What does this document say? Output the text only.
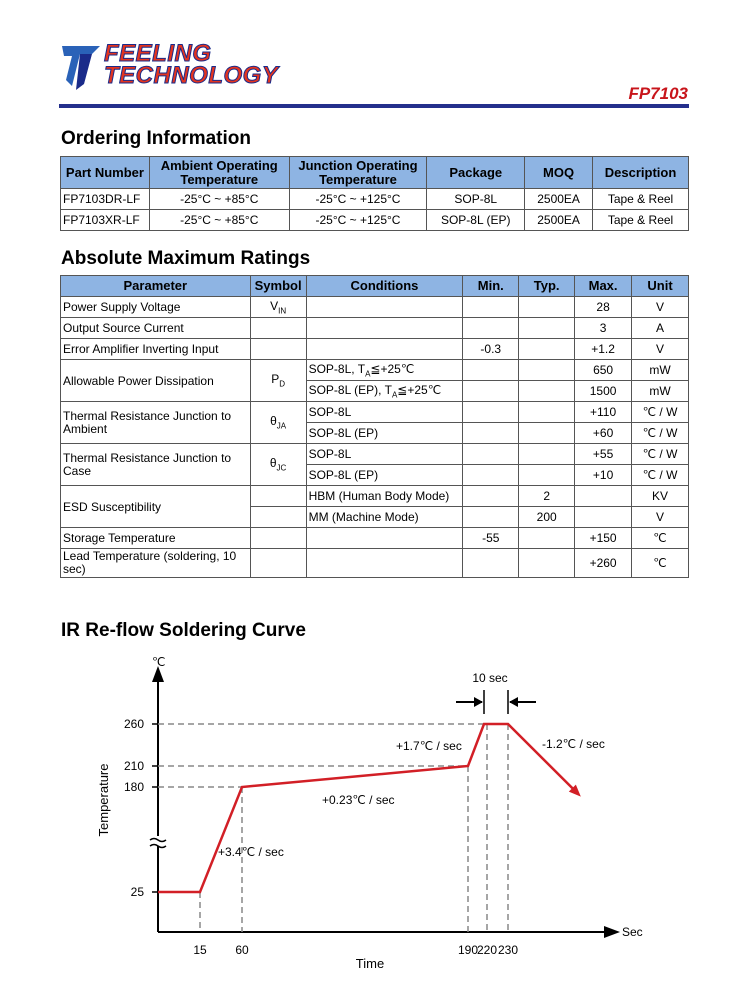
FEELING
TECHNOLOGY
FP7103
Ordering Information
Part Number	Ambient Operating Temperature	Junction Operating Temperature	Package	MOQ	Description
FP7103DR-LF	-25°C ~ +85°C	-25°C ~ +125°C	SOP-8L	2500EA	Tape & Reel
FP7103XR-LF	-25°C ~ +85°C	-25°C ~ +125°C	SOP-8L (EP)	2500EA	Tape & Reel
Absolute Maximum Ratings
Parameter	Symbol	Conditions	Min.	Typ.	Max.	Unit
Power Supply Voltage	$V_{IN}$				28	V
Output Source Current					3	A
Error Amplifier Inverting Input			-0.3		+1.2	V
Allowable Power Dissipation	$P_D$	SOP-8L, $T_A≦+25℃$			650	mW
		SOP-8L (EP), $T_A≦+25℃$			1500	mW
Thermal Resistance Junction to Ambient	$\theta_{JA}$	SOP-8L			+110	℃ / W
		SOP-8L (EP)			+60	℃ / W
Thermal Resistance Junction to Case	$\theta_{JC}$	SOP-8L			+55	℃ / W
		SOP-8L (EP)			+10	℃ / W
ESD Susceptibility		HBM (Human Body Mode)		2		KV
		MM (Machine Mode)		200		V
Storage Temperature			-55		+150	℃
Lead Temperature (soldering, 10 sec)					+260	℃
IR Re-flow Soldering Curve
℃
Sec
Time
Temperature
25
180
210
260
15 60	190
220 230
10 sec
+3.4℃ / sec
+0.23℃ / sec
+1.7℃ / sec	-1.2℃ / sec
